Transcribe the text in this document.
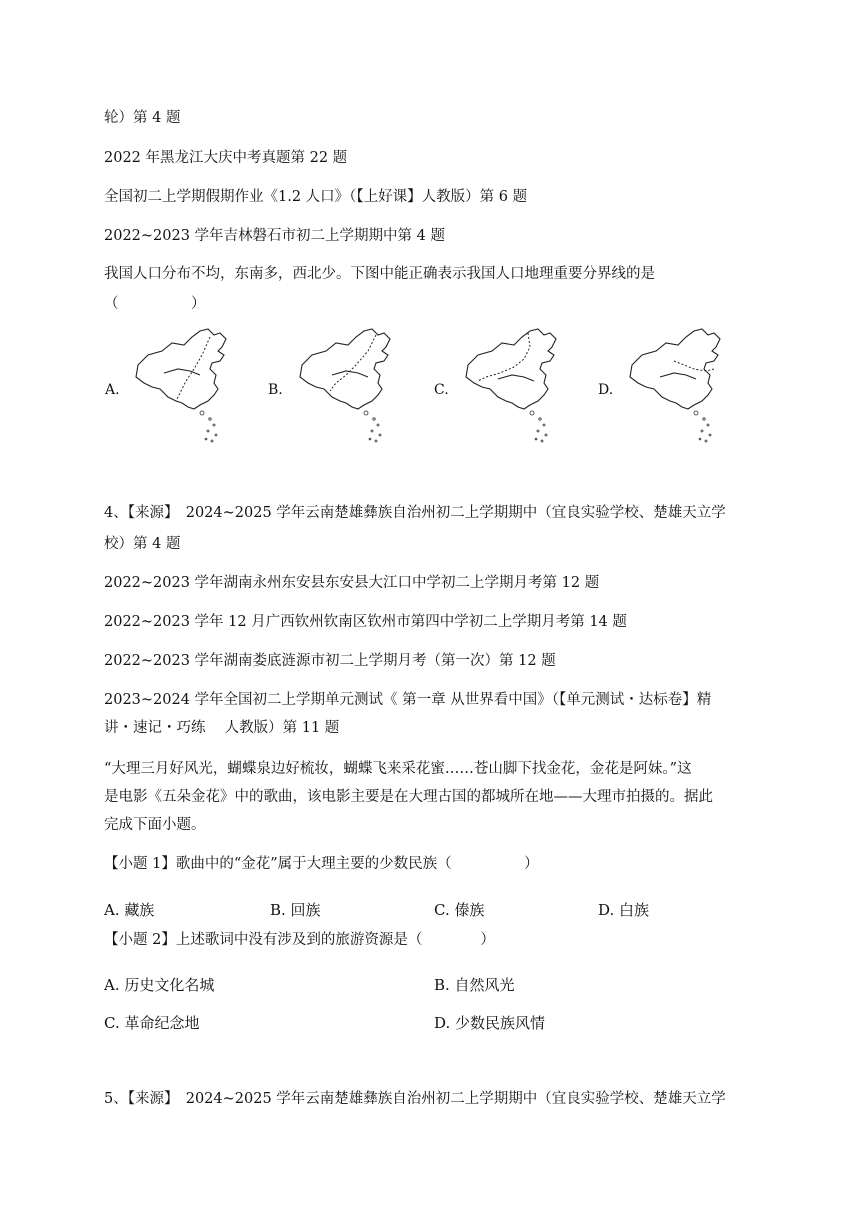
轮）第 4 题
2022 年黑龙江大庆中考真题第 22 题
全国初二上学期假期作业《1.2 人口》（【上好课】人教版）第 6 题
2022~2023 学年吉林磐石市初二上学期期中第 4 题
我国人口分布不均，东南多，西北少。下图中能正确表示我国人口地理重要分界线的是
（　　　　　）
A.	B.	C.	D.
4、【来源】　2024~2025 学年云南楚雄彝族自治州初二上学期期中（宜良实验学校、楚雄天立学
校）第 4 题
2022~2023 学年湖南永州东安县东安县大江口中学初二上学期月考第 12 题
2022~2023 学年 12 月广西钦州钦南区钦州市第四中学初二上学期月考第 14 题
2022~2023 学年湖南娄底涟源市初二上学期月考（第一次）第 12 题
2023~2024 学年全国初二上学期单元测试《 第一章 从世界看中国》（【单元测试・达标卷】精
讲・速记・巧练　 人教版）第 11 题
“大理三月好风光，蝴蝶泉边好梳妆，蝴蝶飞来采花蜜……苍山脚下找金花，金花是阿妹。”这
是电影《五朵金花》中的歌曲，该电影主要是在大理古国的都城所在地——大理市拍摄的。据此
完成下面小题。
【小题 1】歌曲中的“金花”属于大理主要的少数民族（　　　　　）
A. 藏族	B. 回族	C. 傣族	D. 白族
【小题 2】上述歌词中没有涉及到的旅游资源是（　　　　）
A. 历史文化名城	B. 自然风光
C. 革命纪念地	D. 少数民族风情
5、【来源】　2024~2025 学年云南楚雄彝族自治州初二上学期期中（宜良实验学校、楚雄天立学
